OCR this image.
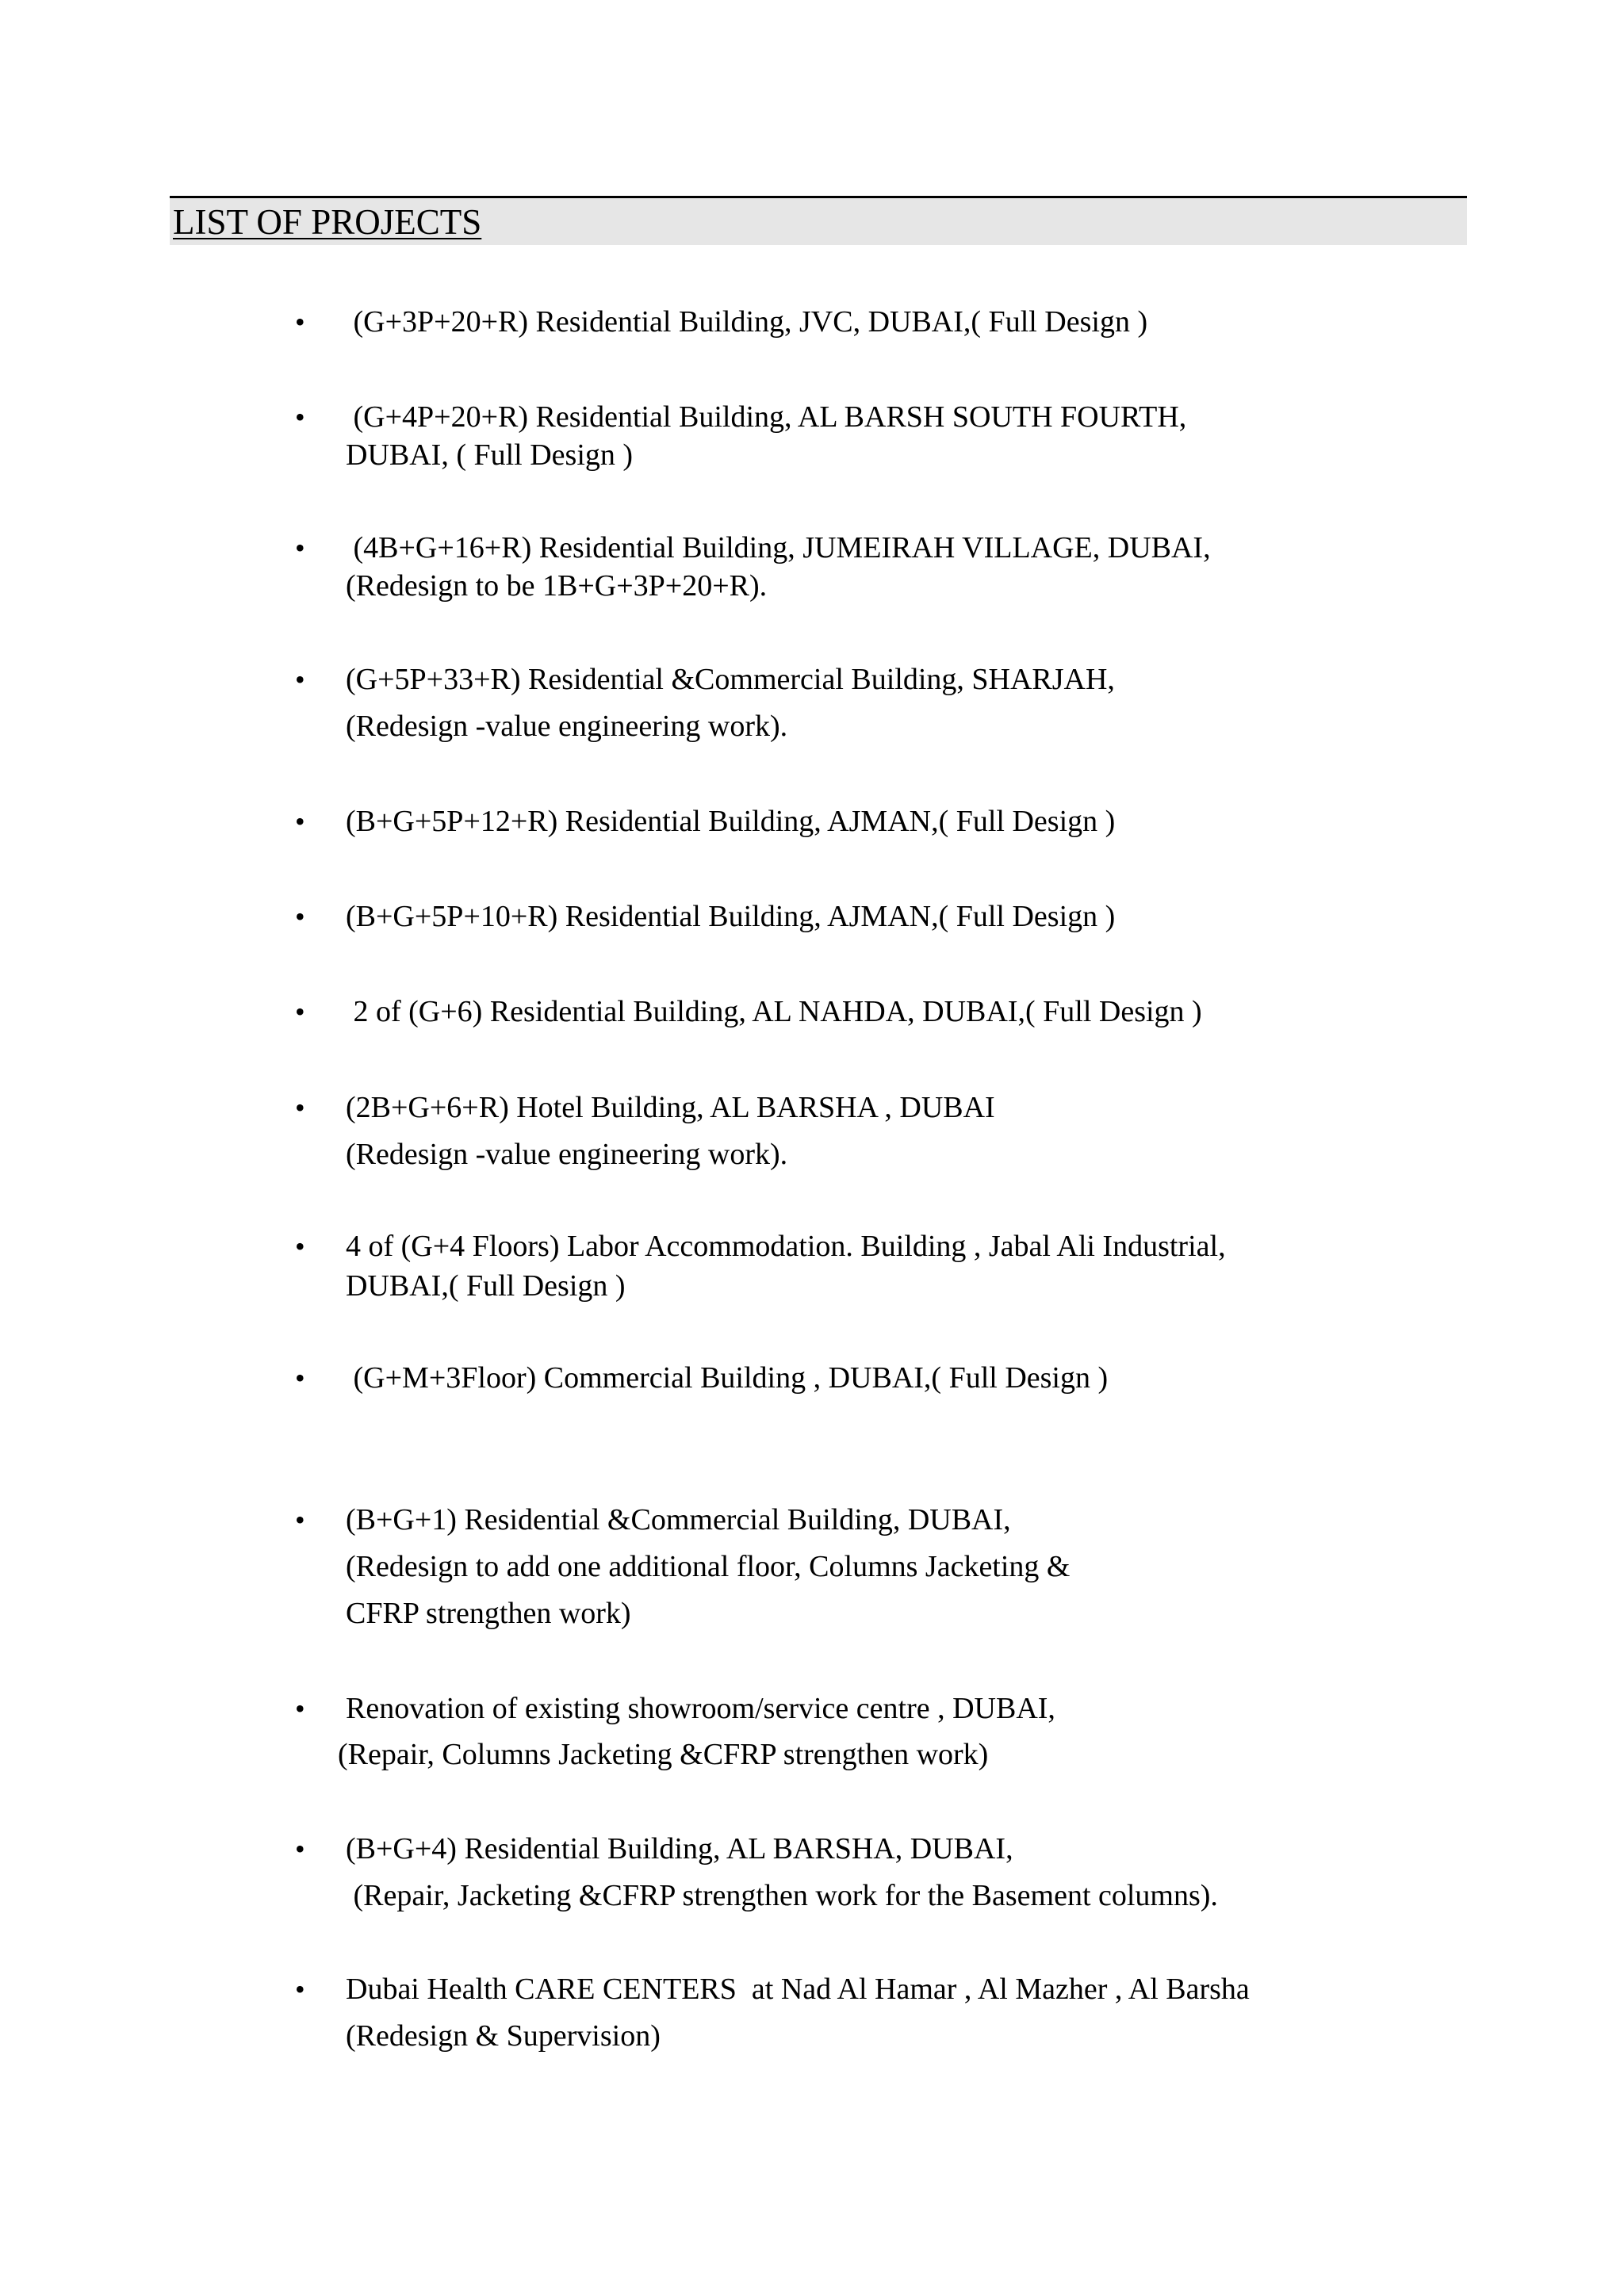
LIST OF PROJECTS
• (G+3P+20+R) Residential Building, JVC, DUBAI,( Full Design )
• (G+4P+20+R) Residential Building, AL BARSH SOUTH FOURTH,
DUBAI, ( Full Design )
• (4B+G+16+R) Residential Building, JUMEIRAH VILLAGE, DUBAI,
(Redesign to be 1B+G+3P+20+R).
• (G+5P+33+R) Residential &Commercial Building, SHARJAH,
(Redesign -value engineering work).
• (B+G+5P+12+R) Residential Building, AJMAN,( Full Design )
• (B+G+5P+10+R) Residential Building, AJMAN,( Full Design )
• 2 of (G+6) Residential Building, AL NAHDA, DUBAI,( Full Design )
• (2B+G+6+R) Hotel Building, AL BARSHA , DUBAI
(Redesign -value engineering work).
• 4 of (G+4 Floors) Labor Accommodation. Building , Jabal Ali Industrial,
DUBAI,( Full Design )
• (G+M+3Floor) Commercial Building , DUBAI,( Full Design )
• (B+G+1) Residential &Commercial Building, DUBAI,
(Redesign to add one additional floor, Columns Jacketing &
CFRP strengthen work)
• Renovation of existing showroom/service centre , DUBAI,
(Repair, Columns Jacketing &CFRP strengthen work)
• (B+G+4) Residential Building, AL BARSHA, DUBAI,
(Repair, Jacketing &CFRP strengthen work for the Basement columns).
• Dubai Health CARE CENTERS  at Nad Al Hamar , Al Mazher , Al Barsha
(Redesign & Supervision)
